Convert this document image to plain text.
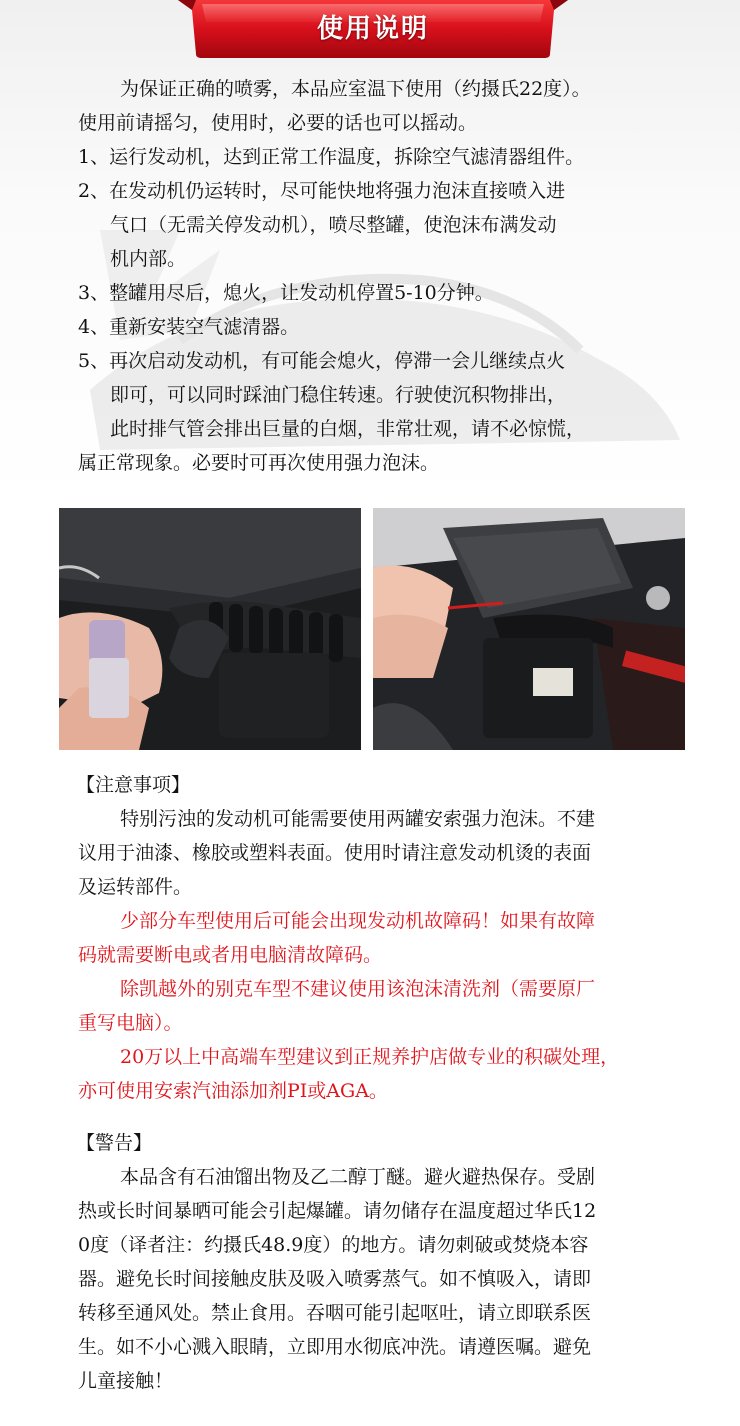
使用说明
为保证正确的喷雾，本品应室温下使用（约摄氏22度）。
使用前请摇匀，使用时，必要的话也可以摇动。
1、运行发动机，达到正常工作温度，拆除空气滤清器组件。
2、在发动机仍运转时，尽可能快地将强力泡沫直接喷入进
气口（无需关停发动机），喷尽整罐，使泡沫布满发动
机内部。
3、整罐用尽后，熄火，让发动机停置5-10分钟。
4、重新安装空气滤清器。
5、再次启动发动机，有可能会熄火，停滞一会儿继续点火
即可，可以同时踩油门稳住转速。行驶使沉积物排出，
此时排气管会排出巨量的白烟，非常壮观，请不必惊慌，
属正常现象。必要时可再次使用强力泡沫。
【注意事项】
特别污浊的发动机可能需要使用两罐安索强力泡沫。不建
议用于油漆、橡胶或塑料表面。使用时请注意发动机烫的表面
及运转部件。
少部分车型使用后可能会出现发动机故障码！如果有故障
码就需要断电或者用电脑清故障码。
除凯越外的别克车型不建议使用该泡沫清洗剂（需要原厂
重写电脑）。
20万以上中高端车型建议到正规养护店做专业的积碳处理，
亦可使用安索汽油添加剂PI或AGA。
【警告】
本品含有石油馏出物及乙二醇丁醚。避火避热保存。受剧
热或长时间暴晒可能会引起爆罐。请勿储存在温度超过华氏12
0度（译者注：约摄氏48.9度）的地方。请勿刺破或焚烧本容
器。避免长时间接触皮肤及吸入喷雾蒸气。如不慎吸入，请即
转移至通风处。禁止食用。吞咽可能引起呕吐，请立即联系医
生。如不小心溅入眼睛，立即用水彻底冲洗。请遵医嘱。避免
儿童接触！
